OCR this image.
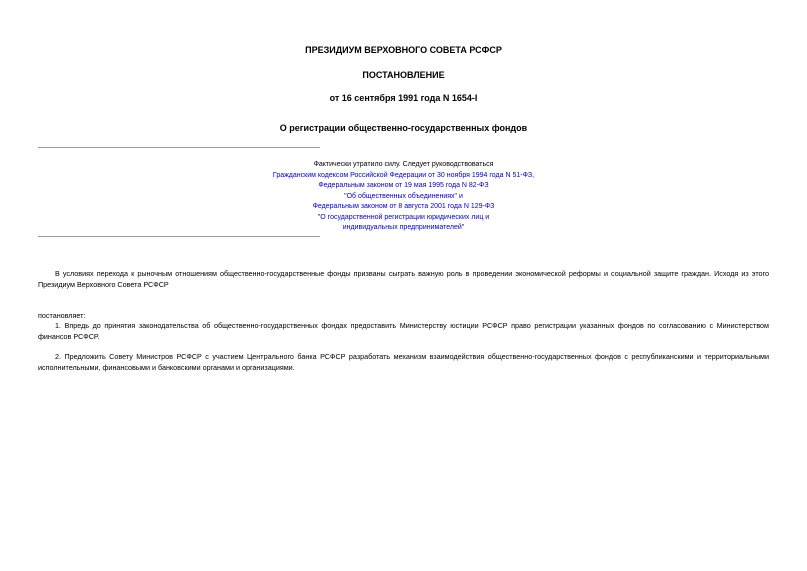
ПРЕЗИДИУМ ВЕРХОВНОГО СОВЕТА РСФСР
ПОСТАНОВЛЕНИЕ
от 16 сентября 1991 года N 1654-I
О регистрации общественно-государственных фондов
Фактически утратило силу. Следует руководствоваться
Гражданским кодексом Российской Федерации от 30 ноября 1994 года N 51-ФЗ,
Федеральным законом от 19 мая 1995 года N 82-ФЗ
"Об общественных объединениях" и
Федеральным законом от 8 августа 2001 года N 129-ФЗ
"О государственной регистрации юридических лиц и
индивидуальных предпринимателей"
В условиях перехода к рыночным отношениям общественно-государственные фонды призваны сыграть важную роль в проведении экономической реформы и социальной защите граждан. Исходя из этого Президиум Верховного Совета РСФСР
постановляет:
1. Впредь до принятия законодательства об общественно-государственных фондах предоставить Министерству юстиции РСФСР право регистрации указанных фондов по согласованию с Министерством финансов РСФСР.
2. Предложить Совету Министров РСФСР с участием Центрального банка РСФСР разработать механизм взаимодействия общественно-государственных фондов с республиканскими и территориальными исполнительными, финансовыми и банковскими органами и организациями.
